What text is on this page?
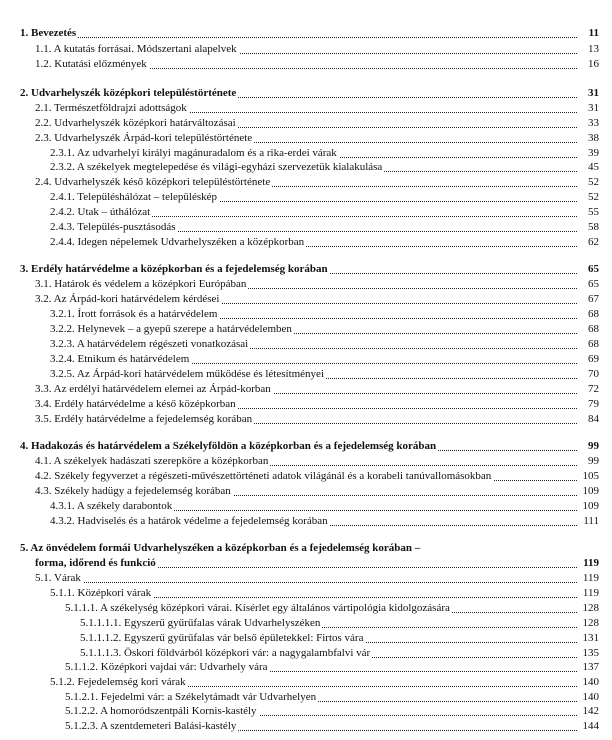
1. Bevezetés	11
1.1. A kutatás forrásai. Módszertani alapelvek	13
1.2. Kutatási előzmények	16
2. Udvarhelyszék középkori településtörténete	31
2.1. Természetföldrajzi adottságok	31
2.2. Udvarhelyszék középkori határváltozásai	33
2.3. Udvarhelyszék Árpád-kori településtörténete	38
2.3.1. Az udvarhelyi királyi magánuradalom és a rika-erdei várak	39
2.3.2. A székelyek megtelepedése és világi-egyházi szervezetük kialakulása	45
2.4. Udvarhelyszék késő középkori településtörténete	52
2.4.1. Településhálózat – településkép	52
2.4.2. Utak – úthálózat	55
2.4.3. Település-pusztásodás	58
2.4.4. Idegen népelemek Udvarhelyszéken a középkorban	62
3. Erdély határvédelme a középkorban és a fejedelemség korában	65
3.1. Határok és védelem a középkori Európában	65
3.2. Az Árpád-kori határvédelem kérdései	67
3.2.1. Írott források és a határvédelem	68
3.2.2. Helynevek – a gyepű szerepe a határvédelemben	68
3.2.3. A határvédelem régészeti vonatkozásai	68
3.2.4. Etnikum és határvédelem	69
3.2.5. Az Árpád-kori határvédelem működése és létesítményei	70
3.3. Az erdélyi határvédelem elemei az Árpád-korban	72
3.4. Erdély határvédelme a késő középkorban	79
3.5. Erdély határvédelme a fejedelemség korában	84
4. Hadakozás és határvédelem a Székelyföldön a középkorban és a fejedelemség korában	99
4.1. A székelyek hadászati szerepköre a középkorban	99
4.2. Székely fegyverzet a régészeti-művészettörténeti adatok világánál és a korabeli tanúvallomásokban	105
4.3. Székely hadügy a fejedelemség korában	109
4.3.1. A székely darabontok	109
4.3.2. Hadviselés és a határok védelme a fejedelemség korában	111
5. Az önvédelem formái Udvarhelyszéken a középkorban és a fejedelemség korában –
forma, időrend és funkció	119
5.1. Várak	119
5.1.1. Középkori várak	119
5.1.1.1. A székelység középkori várai. Kísérlet egy általános vártipológia kidolgozására	128
5.1.1.1.1. Egyszerű gyűrűfalas várak Udvarhelyszéken	128
5.1.1.1.2. Egyszerű gyűrűfalas vár belső épületekkel: Firtos vára	131
5.1.1.1.3. Öskori földvárból középkori vár: a nagygalambfalvi vár	135
5.1.1.2. Középkori vajdai vár: Udvarhely vára	137
5.1.2. Fejedelemség kori várak	140
5.1.2.1. Fejedelmi vár: a Székelytámadt vár Udvarhelyen	140
5.1.2.2. A homoródszentpáli Kornis-kastély	142
5.1.2.3. A szentdemeteri Balási-kastély	144
